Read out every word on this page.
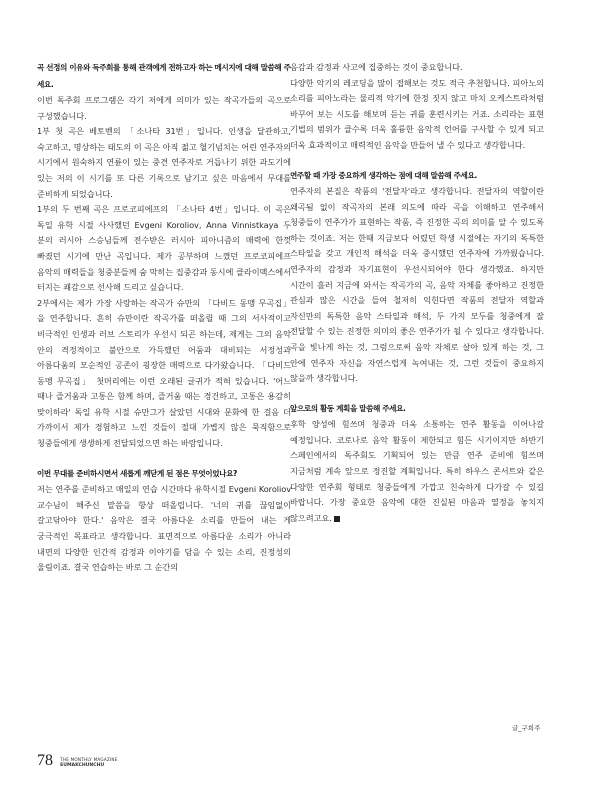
곡 선정의 이유와 독주회를 통해 관객에게 전하고자 하는 메시지에 대해 말씀해 주세요.
이번 독주회 프로그램은 각기 저에게 의미가 있는 작곡가들의 곡으로 구성했습니다.
1부 첫 곡은 베토벤의 「소나타 31번」입니다. 인생을 달관하고, 숙고하고, 명상하는 태도의 이 곡은 아직 젊고 혈기넘치는 어린 연주자의 시기에서 원숙하지 연륜이 있는 중견 연주자로 거듭나기 위한 과도기에 있는 저의 이 시기를 또 다른 기록으로 남기고 싶은 마음에서 무대를 준비하게 되었습니다.
1부의 두 번째 곡은 프로코피에프의 「소나타 4번」입니다. 이 곡은 독일 유학 시절 사사했던 Evgeni Koroliov, Anna Vinnistkaya 두 분의 러시아 스승님들께 전수받은 러시아 피아니즘의 매력에 한껏 빠졌던 시기에 만난 곡입니다. 제가 공부하며 느꼈던 프로코피에프 음악의 매력들을 청중분들께 숨 막히는 집중감과 동시에 클라이맥스에서 터지는 쾌감으로 선사해 드리고 싶습니다.
2부에서는 제가 가장 사랑하는 작곡가 슈만의 「다비드 동맹 무곡집」을 연주합니다. 흔히 슈만이란 작곡가를 떠올릴 때 그의 서사적이고 비극적인 인생과 러브 스토리가 우선시 되곤 하는데, 제게는 그의 음악 안의 격정적이고 불안으로 가득했던 어둠과 대비되는 서정성과 아름다움의 모순적인 공존이 굉장한 매력으로 다가왔습니다. 「다비드 동맹 무곡집」 첫머리에는 이런 오래된 글귀가 적혀 있습니다. '어느 때나 즐거움과 고통은 함께 하며, 즐거움 때는 경건하고, 고통은 용감히 맞이하라' 독일 유학 시절 슈만그가 살았던 시대와 문화에 한 걸음 더 가까이서 제가 경험하고 느낀 것들이 절대 가볍지 않은 묵직함으로 청중들에게 생생하게 전달되었으면 하는 바람입니다.
이번 무대를 준비하시면서 새롭게 깨닫게 된 점은 무엇이었나요?
저는 연주를 준비하고 매일의 연습 시간마다 유학시절 Evgeni Koroliov 교수님이 해주신 말씀을 항상 떠올립니다. '너의 귀를 끊임없이 갈고닦아야 한다.' 음악은 결국 아름다운 소리를 만들어 내는 게 궁극적인 목표라고 생각합니다. 표면적으로 아름다운 소리가 아니라 내면의 다양한 인간적 감정과 이야기를 담을 수 있는 소리, 진정성의 울림이죠. 결국 연습하는 바로 그 순간의
음감과 감정과 사고에 집중하는 것이 중요합니다.
다양한 악기의 레코딩을 많이 접해보는 것도 적극 추천합니다. 피아노의 소리를 피아노라는 물리적 악기에 한정 짓지 않고 마치 오케스트라처럼 바꾸어 보는 시도를 해보며 듣는 귀를 훈련시키는 거죠. 소리라는 표현 기법의 범위가 클수록 더욱 훌륭한 음악적 언어를 구사할 수 있게 되고 더욱 효과적이고 매력적인 음악을 만들어 낼 수 있다고 생각합니다.
연주할 때 가장 중요하게 생각하는 점에 대해 말씀해 주세요.
연주자의 본질은 작품의 '전달자'라고 생각합니다. 전달자의 역할이란 왜곡됨 없이 작곡자의 본래 의도에 따라 곡을 이해하고 연주해서 청중들이 연주가가 표현하는 작품, 즉 진정한 곡의 의미를 알 수 있도록 하는 것이죠. 저는 한때 지금보다 어렸던 학생 시절에는 자기의 독특한 스타일을 갖고 개인적 해석을 더욱 중시했던 연주자에 가까웠습니다. 연주자의 감정과 자기표현이 우선시되어야 한다 생각했죠. 하지만 시간이 흘러 지금에 와서는 작곡가의 곡, 음악 자체를 좋아하고 진정한 관심과 많은 시간을 들여 철저히 익힌다면 작품의 전달자 역할과 자신만의 독특한 음악 스타일과 해석, 두 가지 모두를 청중에게 잘 전달할 수 있는 진정한 의미의 좋은 연주가가 될 수 있다고 생각합니다. 곡을 빛나게 하는 것, 그럼으로써 음악 자체로 살아 있게 하는 것, 그 안에 연주자 자신을 자연스럽게 녹여내는 것, 그런 것들이 중요하지 않을까 생각합니다.
앞으로의 활동 계획을 말씀해 주세요.
후학 양성에 힘쓰며 청중과 더욱 소통하는 연주 활동을 이어나갈 예정입니다. 코로나로 음악 활동이 제한되고 힘든 시기이지만 하반기 스페인에서의 독주회도 기획되어 있는 만큼 연주 준비에 힘쓰며 지금처럼 계속 앞으로 정진할 계획입니다. 특히 하우스 콘서트와 같은 다양한 연주회 형태로 청중들에게 가깝고 친숙하게 다가갈 수 있길 바랍니다. 가장 중요한 음악에 대한 진실된 마음과 열정을 놓치지 않으려고요.
글_구희주
78 THE MONTHLY MAGAZINE
EUMAKCHUNCHU
